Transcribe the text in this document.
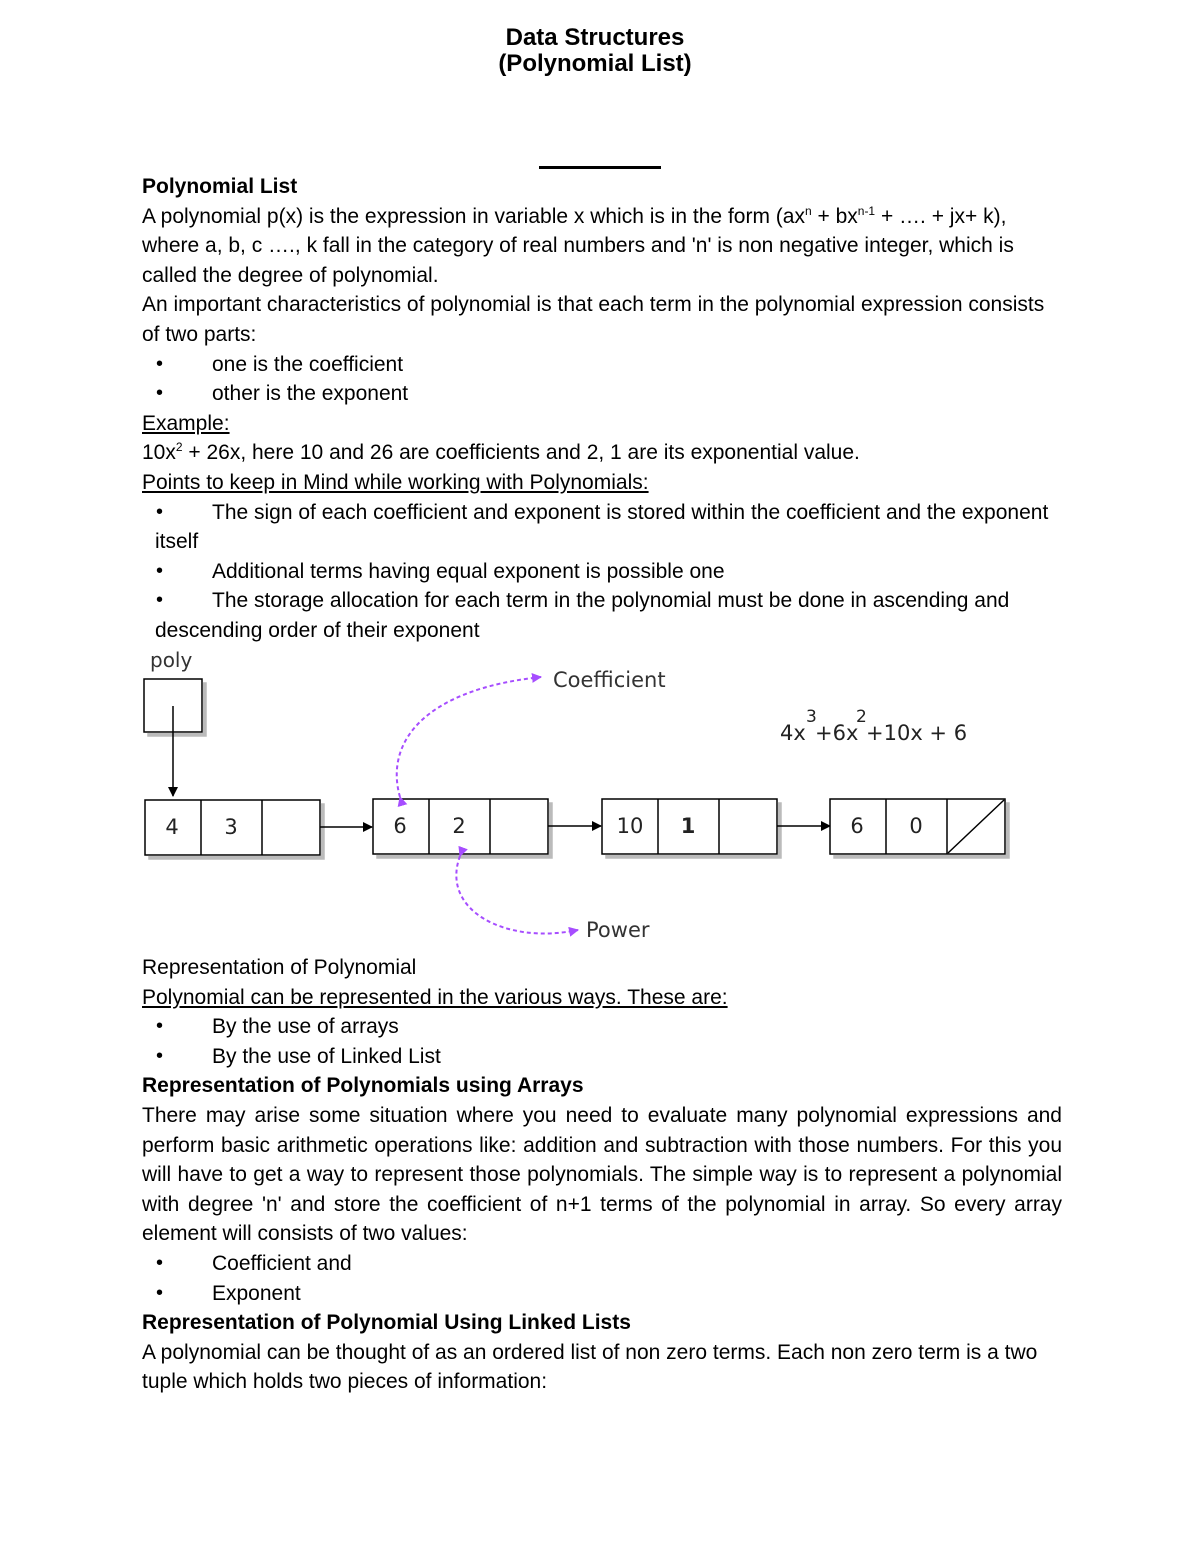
Data Structures
(Polynomial List)

Polynomial List

A polynomial p(x) is the expression in variable x which is in the form ($ax^n + bx^{n-1}$ + …. + jx+ k), where a, b, c …., k fall in the category of real numbers and 'n' is non negative integer, which is called the degree of polynomial.

An important characteristics of polynomial is that each term in the polynomial expression consists of two parts:

• one is the coefficient

• other is the exponent

Example:

$10x^2 + 26x$, here 10 and 26 are coefficients and 2, 1 are its exponential value.

Points to keep in Mind while working with Polynomials:

• The sign of each coefficient and exponent is stored within the coefficient and the exponent itself

• Additional terms having equal exponent is possible one

• The storage allocation for each term in the polynomial must be done in ascending and descending order of their exponent

poly
4 3	6 2	10 1	6 0
Coefficient
Power
4x
3
+6x
2
+10x + 6

Representation of Polynomial

Polynomial can be represented in the various ways. These are:

• By the use of arrays

• By the use of Linked List

Representation of Polynomials using Arrays

There may arise some situation where you need to evaluate many polynomial expressions and perform basic arithmetic operations like: addition and subtraction with those numbers. For this you will have to get a way to represent those polynomials. The simple way is to represent a polynomial with degree 'n' and store the coefficient of n+1 terms of the polynomial in array. So every array element will consists of two values:

• Coefficient and

• Exponent

Representation of Polynomial Using Linked Lists

A polynomial can be thought of as an ordered list of non zero terms. Each non zero term is a two tuple which holds two pieces of information:
